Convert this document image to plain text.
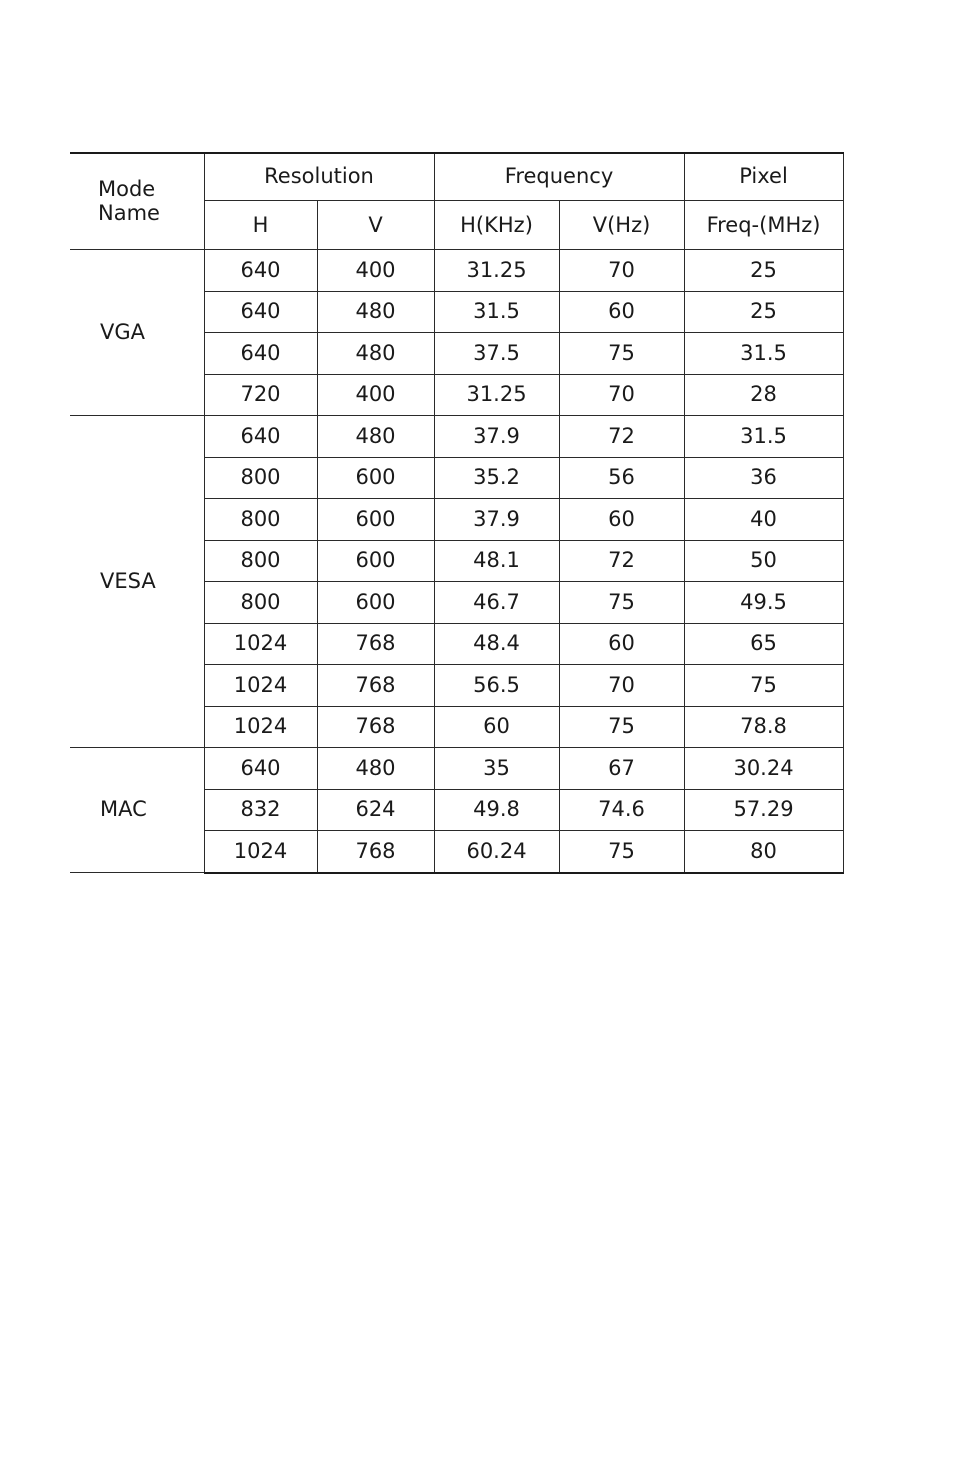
Mode
Name	Resolution		Frequency		Pixel
	H	V	H(KHz)	V(Hz)	Freq-(MHz)
VGA	640	400	31.25	70	25
	640	480	31.5	60	25
	640	480	37.5	75	31.5
	720	400	31.25	70	28
VESA	640	480	37.9	72	31.5
	800	600	35.2	56	36
	800	600	37.9	60	40
	800	600	48.1	72	50
	800	600	46.7	75	49.5
	1024	768	48.4	60	65
	1024	768	56.5	70	75
	1024	768	60	75	78.8
MAC	640	480	35	67	30.24
	832	624	49.8	74.6	57.29
	1024	768	60.24	75	80
